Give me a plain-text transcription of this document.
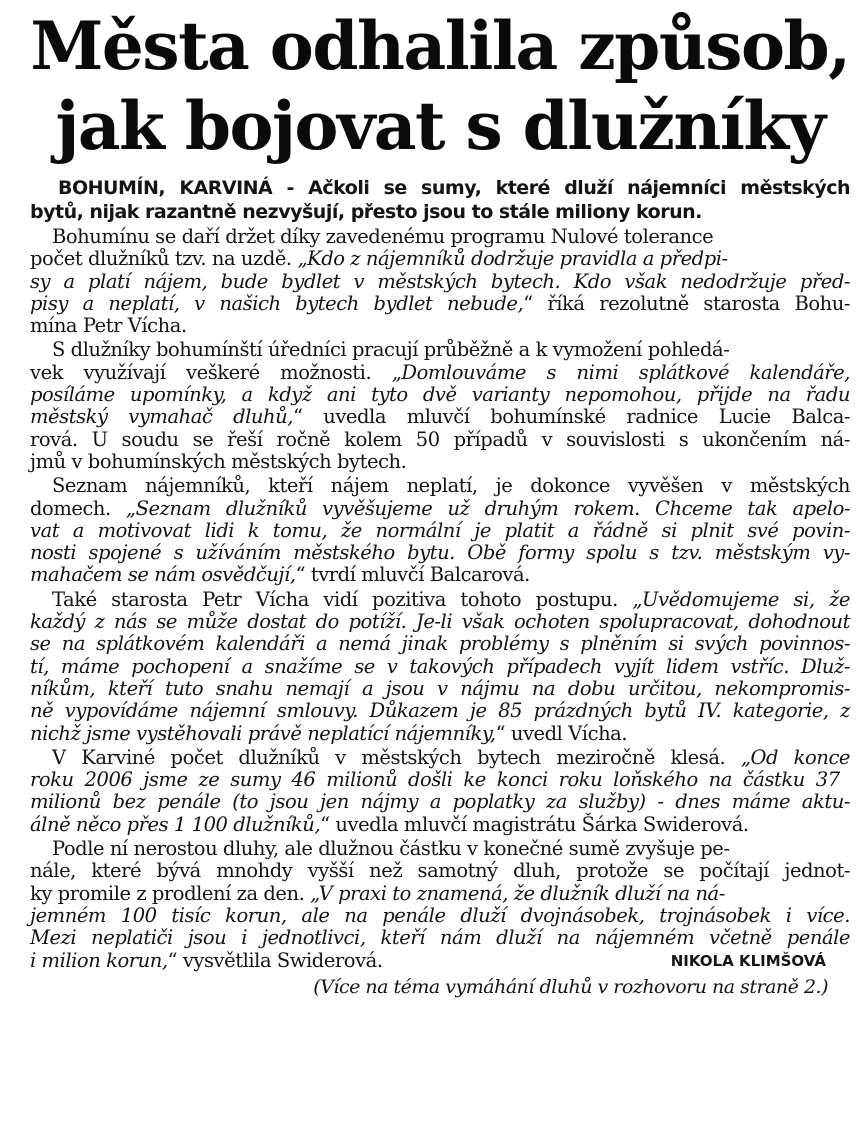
Města odhalila způsob,
jak bojovat s dlužníky
BOHUMÍN, KARVINÁ - Ačkoli se sumy, které dluží nájemníci městských
bytů, nijak razantně nezvyšují, přesto jsou to stále miliony korun.
Bohumínu se daří držet díky zavedenému programu Nulové tolerance
počet dlužníků tzv. na uzdě. „Kdo z nájemníků dodržuje pravidla a předpi-
sy a platí nájem, bude bydlet v městských bytech. Kdo však nedodržuje před-
pisy a neplatí, v našich bytech bydlet nebude,“ říká rezolutně starosta Bohu-
mína Petr Vícha.
S dlužníky bohumínští úředníci pracují průběžně a k vymožení pohledá-
vek využívají veškeré možnosti. „Domlouváme s nimi splátkové kalendáře,
posíláme upomínky, a když ani tyto dvě varianty nepomohou, přijde na řadu
městský vymahač dluhů,“ uvedla mluvčí bohumínské radnice Lucie Balca-
rová. U soudu se řeší ročně kolem 50 případů v souvislosti s ukončením ná-
jmů v bohumínských městských bytech.
Seznam nájemníků, kteří nájem neplatí, je dokonce vyvěšen v městských
domech. „Seznam dlužníků vyvěšujeme už druhým rokem. Chceme tak apelo-
vat a motivovat lidi k tomu, že normální je platit a řádně si plnit své povin-
nosti spojené s užíváním městského bytu. Obě formy spolu s tzv. městským vy-
mahačem se nám osvědčují,“ tvrdí mluvčí Balcarová.
Také starosta Petr Vícha vidí pozitiva tohoto postupu. „Uvědomujeme si, že
každý z nás se může dostat do potíží. Je-li však ochoten spolupracovat, dohodnout
se na splátkovém kalendáři a nemá jinak problémy s plněním si svých povinnos-
tí, máme pochopení a snažíme se v takových případech vyjít lidem vstříc. Dluž-
níkům, kteří tuto snahu nemají a jsou v nájmu na dobu určitou, nekompromis-
ně vypovídáme nájemní smlouvy. Důkazem je 85 prázdných bytů IV. kategorie, z
nichž jsme vystěhovali právě neplatící nájemníky,“ uvedl Vícha.
V Karviné počet dlužníků v městských bytech meziročně klesá. „Od konce
roku 2006 jsme ze sumy 46 milionů došli ke konci roku loňského na částku 37
milionů bez penále (to jsou jen nájmy a poplatky za služby) - dnes máme aktu-
álně něco přes 1 100 dlužníků,“ uvedla mluvčí magistrátu Šárka Swiderová.
Podle ní nerostou dluhy, ale dlužnou částku v konečné sumě zvyšuje pe-
nále, které bývá mnohdy vyšší než samotný dluh, protože se počítají jednot-
ky promile z prodlení za den. „V praxi to znamená, že dlužník dluží na ná-
jemném 100 tisíc korun, ale na penále dluží dvojnásobek, trojnásobek i více.
Mezi neplatiči jsou i jednotlivci, kteří nám dluží na nájemném včetně penále
i milion korun,“ vysvětlila Swiderová.	NIKOLA KLIMŠOVÁ
(Více na téma vymáhání dluhů v rozhovoru na straně 2.)
